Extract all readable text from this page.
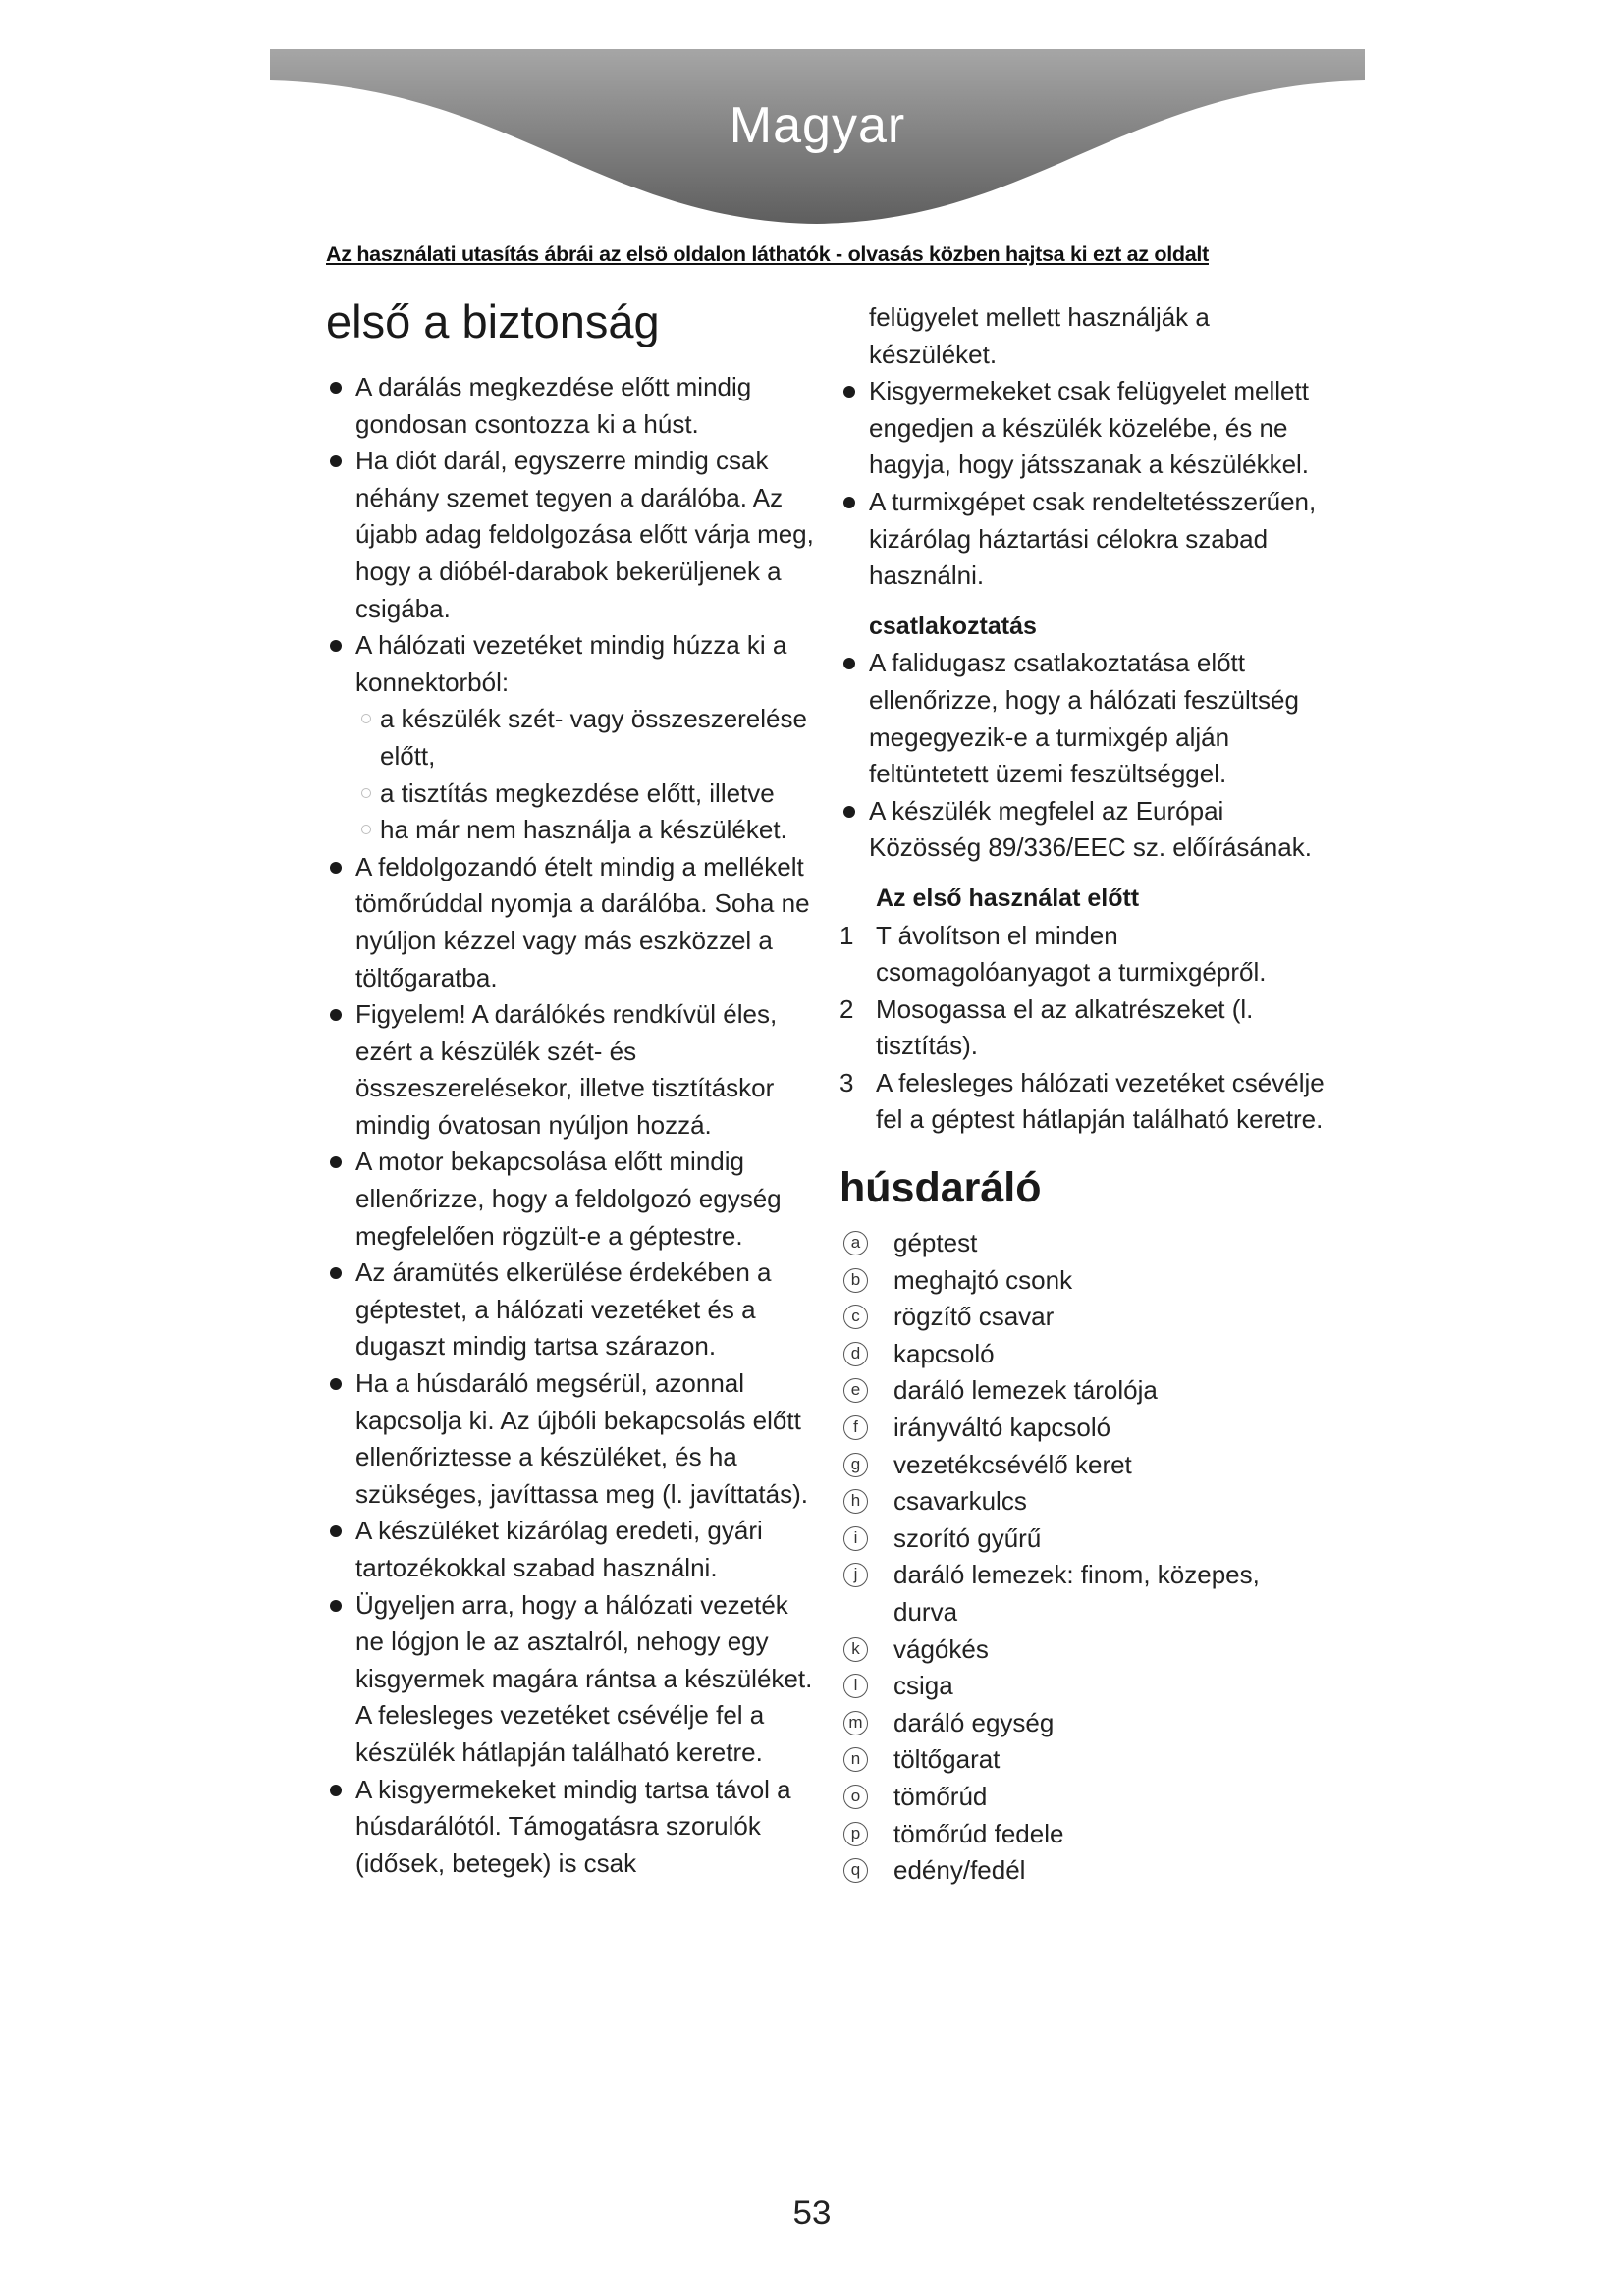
Magyar
Az használati utasítás ábrái az elsö oldalon láthatók - olvasás közben hajtsa ki ezt az oldalt
első a biztonság
A darálás megkezdése előtt mindig gondosan csontozza ki a húst.
Ha diót darál, egyszerre mindig csak néhány szemet tegyen a darálóba. Az újabb adag feldolgozása előtt várja meg, hogy a dióbél-darabok bekerüljenek a csigába.
A hálózati vezetéket mindig húzza ki a konnektorból:
a készülék szét- vagy összeszerelése előtt,
a tisztítás megkezdése előtt, illetve
ha már nem használja a készüléket.
A feldolgozandó ételt mindig a mellékelt tömőrúddal nyomja a darálóba. Soha ne nyúljon kézzel vagy más eszközzel a töltőgaratba.
Figyelem! A darálókés rendkívül éles, ezért a készülék szét- és összeszerelésekor, illetve tisztításkor mindig óvatosan nyúljon hozzá.
A motor bekapcsolása előtt mindig ellenőrizze, hogy a feldolgozó egység megfelelően rögzült-e a géptestre.
Az áramütés elkerülése érdekében a géptestet, a hálózati vezetéket és a dugaszt mindig tartsa szárazon.
Ha a húsdaráló megsérül, azonnal kapcsolja ki. Az újbóli bekapcsolás előtt ellenőriztesse a készüléket, és ha szükséges, javíttassa meg (l. javíttatás).
A készüléket kizárólag eredeti, gyári tartozékokkal szabad használni.
Ügyeljen arra, hogy a hálózati vezeték ne lógjon le az asztalról, nehogy egy kisgyermek magára rántsa a készüléket. A felesleges vezetéket csévélje fel a készülék hátlapján található keretre.
A kisgyermekeket mindig tartsa távol a húsdarálótól. Támogatásra szorulók (idősek, betegek) is csak
felügyelet mellett használják a készüléket.
Kisgyermekeket csak felügyelet mellett engedjen a készülék közelébe, és ne hagyja, hogy játsszanak a készülékkel.
A turmixgépet csak rendeltetésszerűen, kizárólag háztartási célokra szabad használni.
csatlakoztatás
A falidugasz csatlakoztatása előtt ellenőrizze, hogy a hálózati feszültség megegyezik-e a turmixgép alján feltüntetett üzemi feszültséggel.
A készülék megfelel az Európai Közösség 89/336/EEC sz. előírásának.
Az első használat előtt
1 T ávolítson el minden csomagolóanyagot a turmixgépről.
2 Mosogassa el az alkatrészeket (l. tisztítás).
3 A felesleges hálózati vezetéket csévélje fel a géptest hátlapján található keretre.
húsdaráló
a géptest
b meghajtó csonk
c	rögzítő csavar
d kapcsoló
e daráló lemezek tárolója
f	irányváltó kapcsoló
g vezetékcsévélő keret
h csavarkulcs
i	szorító gyűrű
j	daráló lemezek: finom, közepes, durva
k	vágókés
l	csiga
m daráló egység
n töltőgarat
o tömőrúd
p tömőrúd fedele
q edény/fedél
53
